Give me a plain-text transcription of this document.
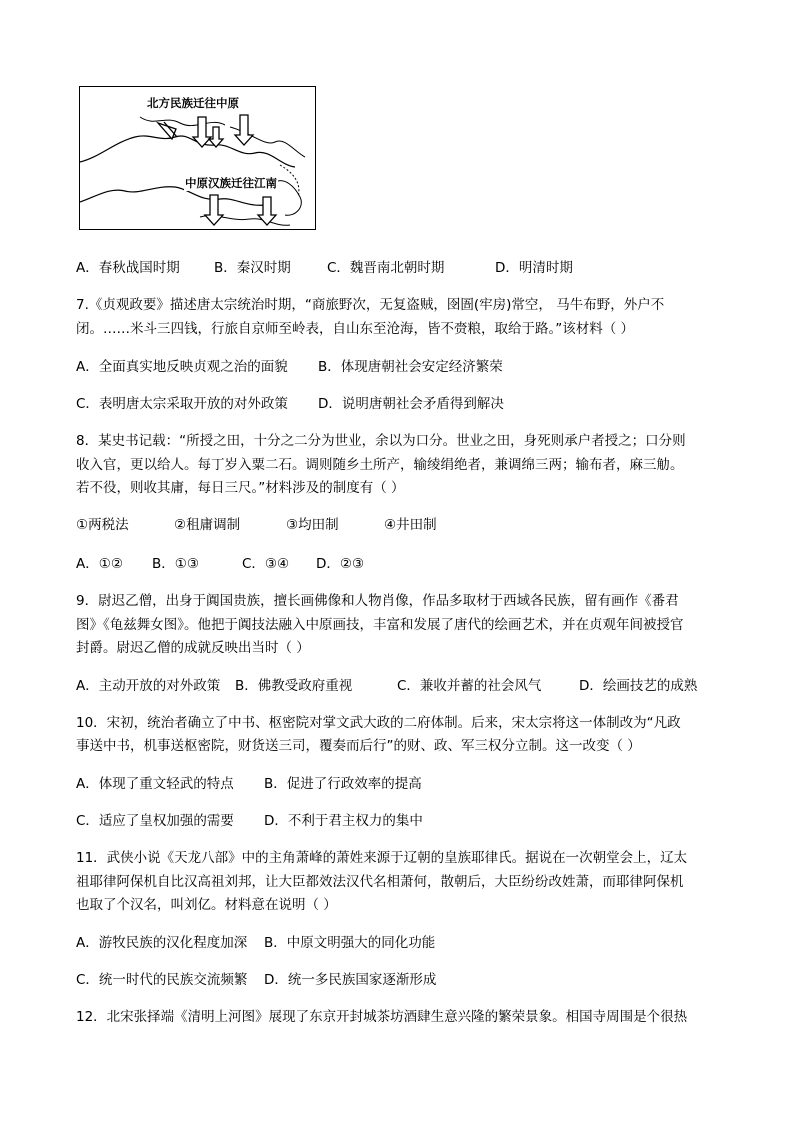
北方民族迁往中原
中原汉族迁往江南
A．春秋战国时期	B．秦汉时期	C．魏晋南北朝时期	D．明清时期
7.《贞观政要》描述唐太宗统治时期，“商旅野次，无复盗贼，囹圄(牢房)常空， 马牛布野，外户不
闭。……米斗三四钱，行旅自京师至岭表，自山东至沧海，皆不赍粮，取给于路。”该材料（ ）
A．全面真实地反映贞观之治的面貌 B．体现唐朝社会安定经济繁荣
C．表明唐太宗采取开放的对外政策 D．说明唐朝社会矛盾得到解决
8．某史书记载：“所授之田，十分之二分为世业，余以为口分。世业之田，身死则承户者授之；口分则
收入官，更以给人。每丁岁入粟二石。调则随乡土所产，输绫绢绝者，兼调绵三两；输布者，麻三觔。
若不役，则收其庸，每日三尺。”材料涉及的制度有（ ）
①两税法	②租庸调制	③均田制	④井田制
A．①② B．①③	C．③④ D．②③
9．尉迟乙僧，出身于阗国贵族，擅长画佛像和人物肖像，作品多取材于西域各民族，留有画作《番君
图》《龟兹舞女图》。他把于阗技法融入中原画技，丰富和发展了唐代的绘画艺术，并在贞观年间被授官
封爵。尉迟乙僧的成就反映出当时（ ）
A．主动开放的对外政策 B．佛教受政府重视	C．兼收并蓄的社会风气	D．绘画技艺的成熟
10．宋初，统治者确立了中书、枢密院对掌文武大政的二府体制。后来，宋太宗将这一体制改为“凡政
事送中书，机事送枢密院，财货送三司，覆奏而后行”的财、政、军三权分立制。这一改变（ ）
A．体现了重文轻武的特点 B．促进了行政效率的提高
C．适应了皇权加强的需要 D．不利于君主权力的集中
11．武侠小说《天龙八部》中的主角萧峰的萧姓来源于辽朝的皇族耶律氏。据说在一次朝堂会上，辽太
祖耶律阿保机自比汉高祖刘邦，让大臣都效法汉代名相萧何，散朝后，大臣纷纷改姓萧，而耶律阿保机
也取了个汉名，叫刘亿。材料意在说明（ ）
A．游牧民族的汉化程度加深 B．中原文明强大的同化功能
C．统一时代的民族交流频繁 D．统一多民族国家逐渐形成
12．北宋张择端《清明上河图》展现了东京开封城茶坊酒肆生意兴隆的繁荣景象。相国寺周围是个很热
